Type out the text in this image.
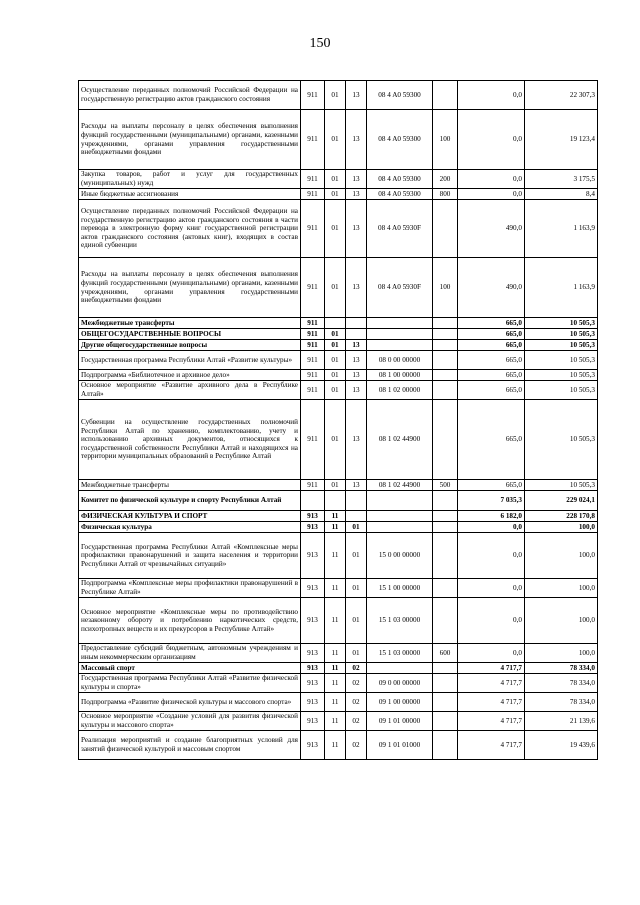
150
Осуществление переданных полномочий Российской Федерации на государственную регистрацию актов гражданского состояния	911	01	13	08 4 A0 59300		0,0	22 307,3
Расходы на выплаты персоналу в целях обеспечения выполнения функций государственными (муниципальными) органами, казенными учреждениями, органами управления государственными внебюджетными фондами	911	01	13	08 4 A0 59300	100	0,0	19 123,4
Закупка товаров, работ и услуг для государственных (муниципальных) нужд	911	01	13	08 4 A0 59300	200	0,0	3 175,5
Иные бюджетные ассигнования	911	01	13	08 4 A0 59300	800	0,0	8,4
Осуществление переданных полномочий Российской Федерации на государственную регистрацию актов гражданского состояния в части перевода в электронную форму книг государственной регистрации актов гражданского состояния (актовых книг), входящих в состав единой субвенции	911	01	13	08 4 A0 5930F		490,0	1 163,9
Расходы на выплаты персоналу в целях обеспечения выполнения функций государственными (муниципальными) органами, казенными учреждениями, органами управления государственными внебюджетными фондами	911	01	13	08 4 A0 5930F	100	490,0	1 163,9
Межбюджетные трансферты	911					665,0	10 505,3
ОБЩЕГОСУДАРСТВЕННЫЕ ВОПРОСЫ	911	01				665,0	10 505,3
Другие общегосударственные вопросы	911	01	13			665,0	10 505,3
Государственная программа Республики Алтай «Развитие культуры»	911	01	13	08 0 00 00000		665,0	10 505,3
Подпрограмма «Библиотечное и архивное дело»	911	01	13	08 1 00 00000		665,0	10 505,3
Основное мероприятие «Развитие архивного дела в Республике Алтай»	911	01	13	08 1 02 00000		665,0	10 505,3
Субвенции на осуществление государственных полномочий Республики Алтай по хранению, комплектованию, учету и использованию архивных документов, относящихся к государственной собственности Республики Алтай и находящихся на территории муниципальных образований в Республике Алтай	911	01	13	08 1 02 44900		665,0	10 505,3
Межбюджетные трансферты	911	01	13	08 1 02 44900	500	665,0	10 505,3
Комитет по физической культуре и спорту Республики Алтай						7 035,3	229 024,1
ФИЗИЧЕСКАЯ КУЛЬТУРА И СПОРТ	913	11				6 182,0	228 170,8
Физическая культура	913	11	01			0,0	100,0
Государственная программа Республики Алтай «Комплексные меры профилактики правонарушений и защита населения и территории Республики Алтай от чрезвычайных ситуаций»	913	11	01	15 0 00 00000		0,0	100,0
Подпрограмма «Комплексные меры профилактики правонарушений в Республике Алтай»	913	11	01	15 1 00 00000		0,0	100,0
Основное мероприятие «Комплексные меры по противодействию незаконному обороту и потреблению наркотических средств, психотропных веществ и их прекурсоров в Республике Алтай»	913	11	01	15 1 03 00000		0,0	100,0
Предоставление субсидий бюджетным, автономным учреждениям и иным некоммерческим организациям	913	11	01	15 1 03 00000	600	0,0	100,0
Массовый спорт	913	11	02			4 717,7	78 334,0
Государственная программа Республики Алтай «Развитие физической культуры и спорта»	913	11	02	09 0 00 00000		4 717,7	78 334,0
Подпрограмма «Развитие физической культуры и массового спорта»	913	11	02	09 1 00 00000		4 717,7	78 334,0
Основное мероприятие «Создание условий для развития физической культуры и массового спорта»	913	11	02	09 1 01 00000		4 717,7	21 139,6
Реализация мероприятий и создание благоприятных условий для занятий физической культурой и массовым спортом	913	11	02	09 1 01 01000		4 717,7	19 439,6
